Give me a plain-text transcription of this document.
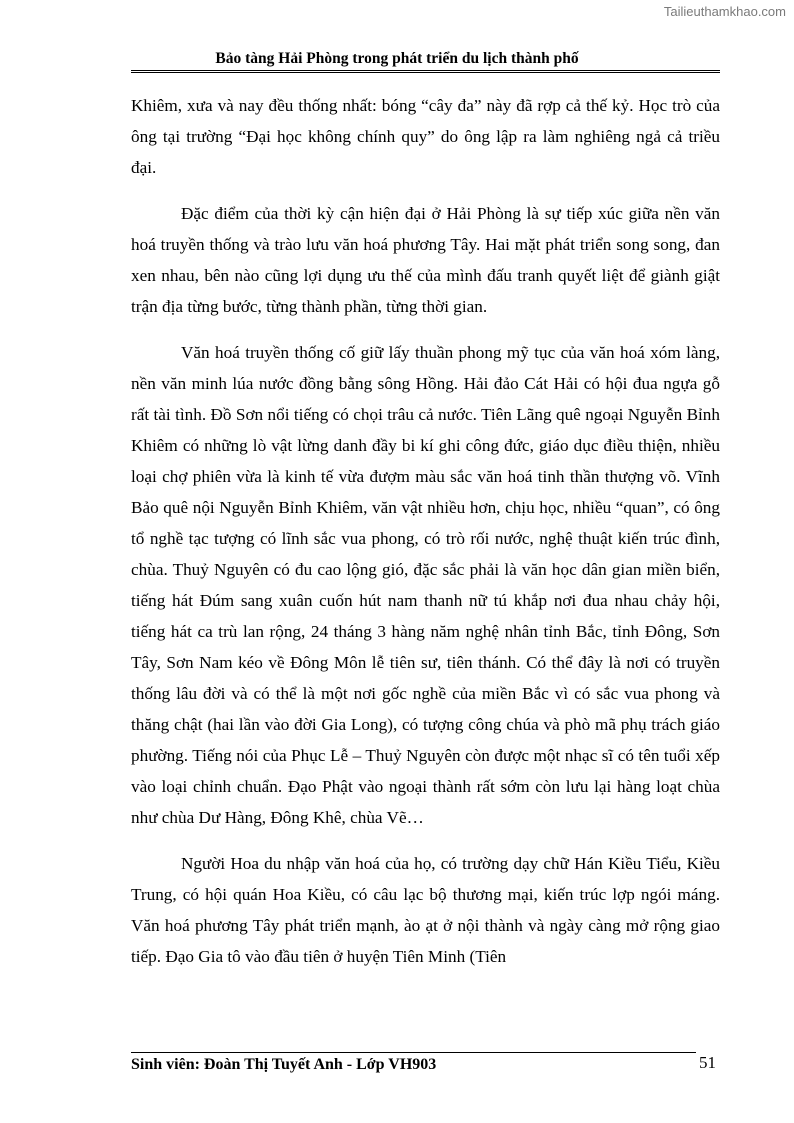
Tailieuthamkhao.com
Bảo tàng Hải Phòng trong phát triển du lịch thành phố

Khiêm, xưa và nay đều thống nhất: bóng “cây đa” này đã rợp cả thế kỷ. Học trò của ông tại trường “Đại học không chính quy” do ông lập ra làm nghiêng ngả cả triều đại.

Đặc điểm của thời kỳ cận hiện đại ở Hải Phòng là sự tiếp xúc giữa nền văn hoá truyền thống và trào lưu văn hoá phương Tây. Hai mặt phát triển song song, đan xen nhau, bên nào cũng lợi dụng ưu thế của mình đấu tranh quyết liệt để giành giật trận địa từng bước, từng thành phần, từng thời gian.

Văn hoá truyền thống cố giữ lấy thuần phong mỹ tục của văn hoá xóm làng, nền văn minh lúa nước đồng bằng sông Hồng. Hải đảo Cát Hải có hội đua ngựa gỗ rất tài tình. Đồ Sơn nổi tiếng có chọi trâu cả nước. Tiên Lãng quê ngoại Nguyễn Bỉnh Khiêm có những lò vật lừng danh đầy bi kí ghi công đức, giáo dục điều thiện, nhiều loại chợ phiên vừa là kinh tế vừa đượm màu sắc văn hoá tinh thần thượng võ. Vĩnh Bảo quê nội Nguyễn Bỉnh Khiêm, văn vật nhiều hơn, chịu học, nhiều “quan”, có ông tổ nghề tạc tượng có lĩnh sắc vua phong, có trò rối nước, nghệ thuật kiến trúc đình, chùa. Thuỷ Nguyên có đu cao lộng gió, đặc sắc phải là văn học dân gian miền biển, tiếng hát Đúm sang xuân cuốn hút nam thanh nữ tú khắp nơi đua nhau chảy hội, tiếng hát ca trù lan rộng, 24 tháng 3 hàng năm nghệ nhân tỉnh Bắc, tỉnh Đông, Sơn Tây, Sơn Nam kéo về Đông Môn lễ tiên sư, tiên thánh. Có thể đây là nơi có truyền thống lâu đời và có thể là một nơi gốc nghề của miền Bắc vì có sắc vua phong và thăng chật (hai lần vào đời Gia Long), có tượng công chúa và phò mã phụ trách giáo phường. Tiếng nói của Phục Lễ – Thuỷ Nguyên còn được một nhạc sĩ có tên tuổi xếp vào loại chỉnh chuẩn. Đạo Phật vào ngoại thành rất sớm còn lưu lại hàng loạt chùa như chùa Dư Hàng, Đông Khê, chùa Vẽ…

Người Hoa du nhập văn hoá của họ, có trường dạy chữ Hán Kiều Tiểu, Kiều Trung, có hội quán Hoa Kiều, có câu lạc bộ thương mại, kiến trúc lợp ngói máng. Văn hoá phương Tây phát triển mạnh, ào ạt ở nội thành và ngày càng mở rộng giao tiếp. Đạo Gia tô vào đầu tiên ở huyện Tiên Minh (Tiên

Sinh viên: Đoàn Thị Tuyết Anh - Lớp VH903	51
